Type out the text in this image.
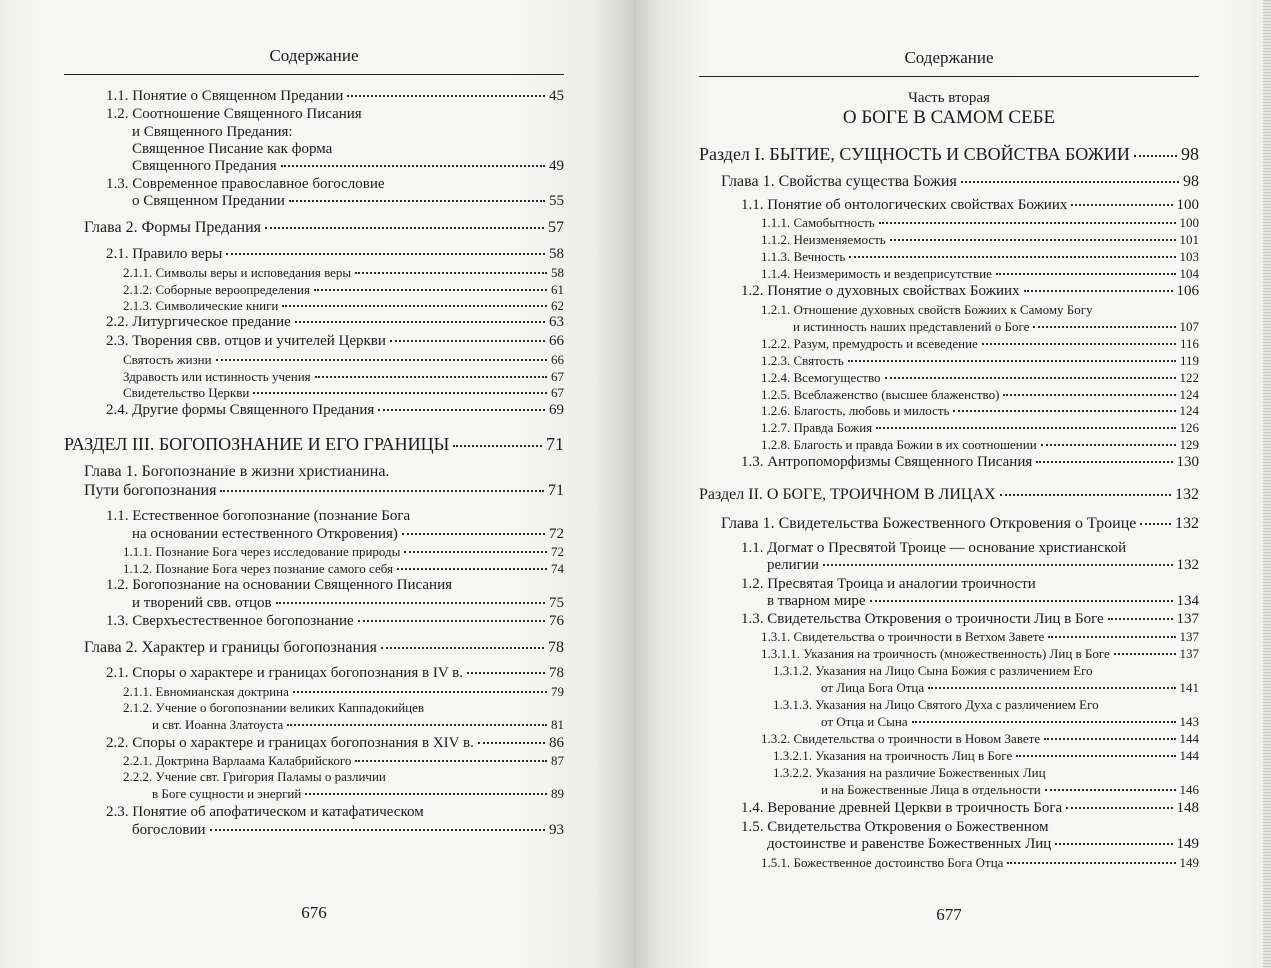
Содержание
1.1. Понятие о Священном Предании	45
1.2. Соотношение Священного Писания
и Священного Предания:
Священное Писание как форма
Священного Предания	49
1.3. Современное православное богословие
о Священном Предании	55
Глава 2. Формы Предания	57
2.1. Правило веры	58
2.1.1. Символы веры и исповедания веры	58
2.1.2. Соборные вероопределения	61
2.1.3. Символические книги	62
2.2. Литургическое предание	63
2.3. Творения свв. отцов и учителей Церкви	66
Святость жизни	66
Здравость или истинность учения	67
Свидетельство Церкви	67
2.4. Другие формы Священного Предания	69
РАЗДЕЛ III. БОГОПОЗНАНИЕ И ЕГО ГРАНИЦЫ	71
Глава 1. Богопознание в жизни христианина.
Пути богопознания	71
1.1. Естественное богопознание (познание Бога
на основании естественного Откровения)	72
1.1.1. Познание Бога через исследование природы	72
1.1.2. Познание Бога через познание самого себя	74
1.2. Богопознание на основании Священного Писания
и творений свв. отцов	75
1.3. Сверхъестественное богопознание	76
Глава 2. Характер и границы богопознания	78
2.1. Споры о характере и границах богопознания в IV в.	78
2.1.1. Евномианская доктрина	79
2.1.2. Учение о богопознании великих Каппадокийцев
и свт. Иоанна Златоуста	81
2.2. Споры о характере и границах богопознания в XIV в.	86
2.2.1. Доктрина Варлаама Калабрийского	87
2.2.2. Учение свт. Григория Паламы о различии
в Боге сущности и энергий	89
2.3. Понятие об апофатическом и катафатическом
богословии	93
676
Содержание
Часть вторая
О БОГЕ В САМОМ СЕБЕ
Раздел I. БЫТИЕ, СУЩНОСТЬ И СВОЙСТВА БОЖИИ	98
Глава 1. Свойства существа Божия	98
1.1. Понятие об онтологических свойствах Божиих	100
1.1.1. Самобытность	100
1.1.2. Неизменяемость	101
1.1.3. Вечность	103
1.1.4. Неизмеримость и вездеприсутствие	104
1.2. Понятие о духовных свойствах Божиих	106
1.2.1. Отношение духовных свойств Божиих к Самому Богу
и истинность наших представлений о Боге	107
1.2.2. Разум, премудрость и всеведение	116
1.2.3. Святость	119
1.2.4. Всемогущество	122
1.2.5. Всеблаженство (высшее блаженство)	124
1.2.6. Благость, любовь и милость	124
1.2.7. Правда Божия	126
1.2.8. Благость и правда Божии в их соотношении	129
1.3. Антропоморфизмы Священного Писания	130
Раздел II. О БОГЕ, ТРОИЧНОМ В ЛИЦАХ	132
Глава 1. Свидетельства Божественного Откровения о Троице 132
1.1. Догмат о Пресвятой Троице — основание христианской
религии	132
1.2. Пресвятая Троица и аналогии троичности
в тварном мире	134
1.3. Свидетельства Откровения о троичности Лиц в Боге	137
1.3.1. Свидетельства о троичности в Ветхом Завете	137
1.3.1.1. Указания на троичность (множественность) Лиц в Боге	137
1.3.1.2. Указания на Лицо Сына Божия с различением Его
от Лица Бога Отца	141
1.3.1.3. Указания на Лицо Святого Духа с различением Его
от Отца и Сына	143
1.3.2. Свидетельства о троичности в Новом Завете	144
1.3.2.1. Указания на троичность Лиц в Боге	144
1.3.2.2. Указания на различие Божественных Лиц
и на Божественные Лица в отдельности	146
1.4. Верование древней Церкви в троичность Бога	148
1.5. Свидетельства Откровения о Божественном
достоинстве и равенстве Божественных Лиц	149
1.5.1. Божественное достоинство Бога Отца	149
677
